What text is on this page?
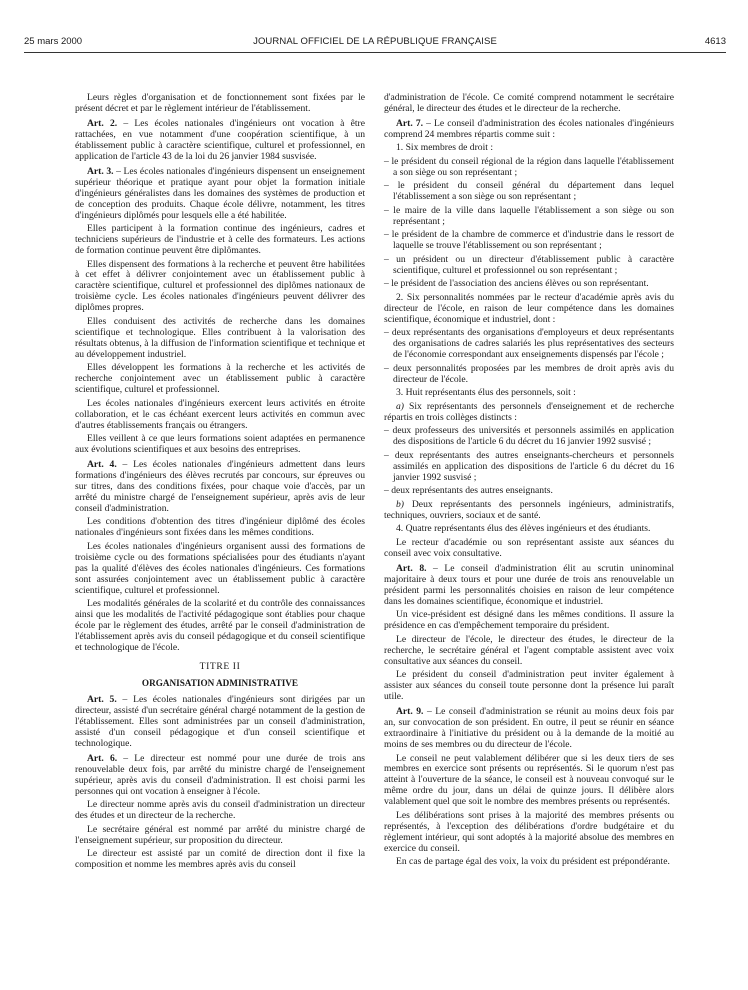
25 mars 2000	JOURNAL OFFICIEL DE LA RÉPUBLIQUE FRANÇAISE	4613

Leurs règles d'organisation et de fonctionnement sont fixées par le présent décret et par le règlement intérieur de l'établissement.

Art. 2. – Les écoles nationales d'ingénieurs ont vocation à être rattachées, en vue notamment d'une coopération scientifique, à un établissement public à caractère scientifique, culturel et professionnel, en application de l'article 43 de la loi du 26 janvier 1984 susvisée.

Art. 3. – Les écoles nationales d'ingénieurs dispensent un enseignement supérieur théorique et pratique ayant pour objet la formation initiale d'ingénieurs généralistes dans les domaines des systèmes de production et de conception des produits. Chaque école délivre, notamment, les titres d'ingénieurs diplômés pour lesquels elle a été habilitée.

Elles participent à la formation continue des ingénieurs, cadres et techniciens supérieurs de l'industrie et à celle des formateurs. Les actions de formation continue peuvent être diplômantes.

Elles dispensent des formations à la recherche et peuvent être habilitées à cet effet à délivrer conjointement avec un établissement public à caractère scientifique, culturel et professionnel des diplômes nationaux de troisième cycle. Les écoles nationales d'ingénieurs peuvent délivrer des diplômes propres.

Elles conduisent des activités de recherche dans les domaines scientifique et technologique. Elles contribuent à la valorisation des résultats obtenus, à la diffusion de l'information scientifique et technique et au développement industriel.

Elles développent les formations à la recherche et les activités de recherche conjointement avec un établissement public à caractère scientifique, culturel et professionnel.

Les écoles nationales d'ingénieurs exercent leurs activités en étroite collaboration, et le cas échéant exercent leurs activités en commun avec d'autres établissements français ou étrangers.

Elles veillent à ce que leurs formations soient adaptées en permanence aux évolutions scientifiques et aux besoins des entreprises.

Art. 4. – Les écoles nationales d'ingénieurs admettent dans leurs formations d'ingénieurs des élèves recrutés par concours, sur épreuves ou sur titres, dans des conditions fixées, pour chaque voie d'accès, par un arrêté du ministre chargé de l'enseignement supérieur, après avis de leur conseil d'administration.

Les conditions d'obtention des titres d'ingénieur diplômé des écoles nationales d'ingénieurs sont fixées dans les mêmes conditions.

Les écoles nationales d'ingénieurs organisent aussi des formations de troisième cycle ou des formations spécialisées pour des étudiants n'ayant pas la qualité d'élèves des écoles nationales d'ingénieurs. Ces formations sont assurées conjointement avec un établissement public à caractère scientifique, culturel et professionnel.

Les modalités générales de la scolarité et du contrôle des connaissances ainsi que les modalités de l'activité pédagogique sont établies pour chaque école par le règlement des études, arrêté par le conseil d'administration de l'établissement après avis du conseil pédagogique et du conseil scientifique et technologique de l'école.

TITRE II

ORGANISATION ADMINISTRATIVE

Art. 5. – Les écoles nationales d'ingénieurs sont dirigées par un directeur, assisté d'un secrétaire général chargé notamment de la gestion de l'établissement. Elles sont administrées par un conseil d'administration, assisté d'un conseil pédagogique et d'un conseil scientifique et technologique.

Art. 6. – Le directeur est nommé pour une durée de trois ans renouvelable deux fois, par arrêté du ministre chargé de l'enseignement supérieur, après avis du conseil d'administration. Il est choisi parmi les personnes qui ont vocation à enseigner à l'école.

Le directeur nomme après avis du conseil d'administration un directeur des études et un directeur de la recherche.

Le secrétaire général est nommé par arrêté du ministre chargé de l'enseignement supérieur, sur proposition du directeur.

Le directeur est assisté par un comité de direction dont il fixe la composition et nomme les membres après avis du conseil

d'administration de l'école. Ce comité comprend notamment le secrétaire général, le directeur des études et le directeur de la recherche.

Art. 7. – Le conseil d'administration des écoles nationales d'ingénieurs comprend 24 membres répartis comme suit :

1. Six membres de droit :

– le président du conseil régional de la région dans laquelle l'établissement a son siège ou son représentant ;

– le président du conseil général du département dans lequel l'établissement a son siège ou son représentant ;

– le maire de la ville dans laquelle l'établissement a son siège ou son représentant ;

– le président de la chambre de commerce et d'industrie dans le ressort de laquelle se trouve l'établissement ou son représentant ;

– un président ou un directeur d'établissement public à caractère scientifique, culturel et professionnel ou son représentant ;

– le président de l'association des anciens élèves ou son représentant.

2. Six personnalités nommées par le recteur d'académie après avis du directeur de l'école, en raison de leur compétence dans les domaines scientifique, économique et industriel, dont :

– deux représentants des organisations d'employeurs et deux représentants des organisations de cadres salariés les plus représentatives des secteurs de l'économie correspondant aux enseignements dispensés par l'école ;

– deux personnalités proposées par les membres de droit après avis du directeur de l'école.

3. Huit représentants élus des personnels, soit :

a) Six représentants des personnels d'enseignement et de recherche répartis en trois collèges distincts :

– deux professeurs des universités et personnels assimilés en application des dispositions de l'article 6 du décret du 16 janvier 1992 susvisé ;

– deux représentants des autres enseignants-chercheurs et personnels assimilés en application des dispositions de l'article 6 du décret du 16 janvier 1992 susvisé ;

– deux représentants des autres enseignants.

b) Deux représentants des personnels ingénieurs, administratifs, techniques, ouvriers, sociaux et de santé.

4. Quatre représentants élus des élèves ingénieurs et des étudiants.

Le recteur d'académie ou son représentant assiste aux séances du conseil avec voix consultative.

Art. 8. – Le conseil d'administration élit au scrutin uninominal majoritaire à deux tours et pour une durée de trois ans renouvelable un président parmi les personnalités choisies en raison de leur compétence dans les domaines scientifique, économique et industriel.

Un vice-président est désigné dans les mêmes conditions. Il assure la présidence en cas d'empêchement temporaire du président.

Le directeur de l'école, le directeur des études, le directeur de la recherche, le secrétaire général et l'agent comptable assistent avec voix consultative aux séances du conseil.

Le président du conseil d'administration peut inviter également à assister aux séances du conseil toute personne dont la présence lui paraît utile.

Art. 9. – Le conseil d'administration se réunit au moins deux fois par an, sur convocation de son président. En outre, il peut se réunir en séance extraordinaire à l'initiative du président ou à la demande de la moitié au moins de ses membres ou du directeur de l'école.

Le conseil ne peut valablement délibérer que si les deux tiers de ses membres en exercice sont présents ou représentés. Si le quorum n'est pas atteint à l'ouverture de la séance, le conseil est à nouveau convoqué sur le même ordre du jour, dans un délai de quinze jours. Il délibère alors valablement quel que soit le nombre des membres présents ou représentés.

Les délibérations sont prises à la majorité des membres présents ou représentés, à l'exception des délibérations d'ordre budgétaire et du règlement intérieur, qui sont adoptés à la majorité absolue des membres en exercice du conseil.

En cas de partage égal des voix, la voix du président est prépondérante.
